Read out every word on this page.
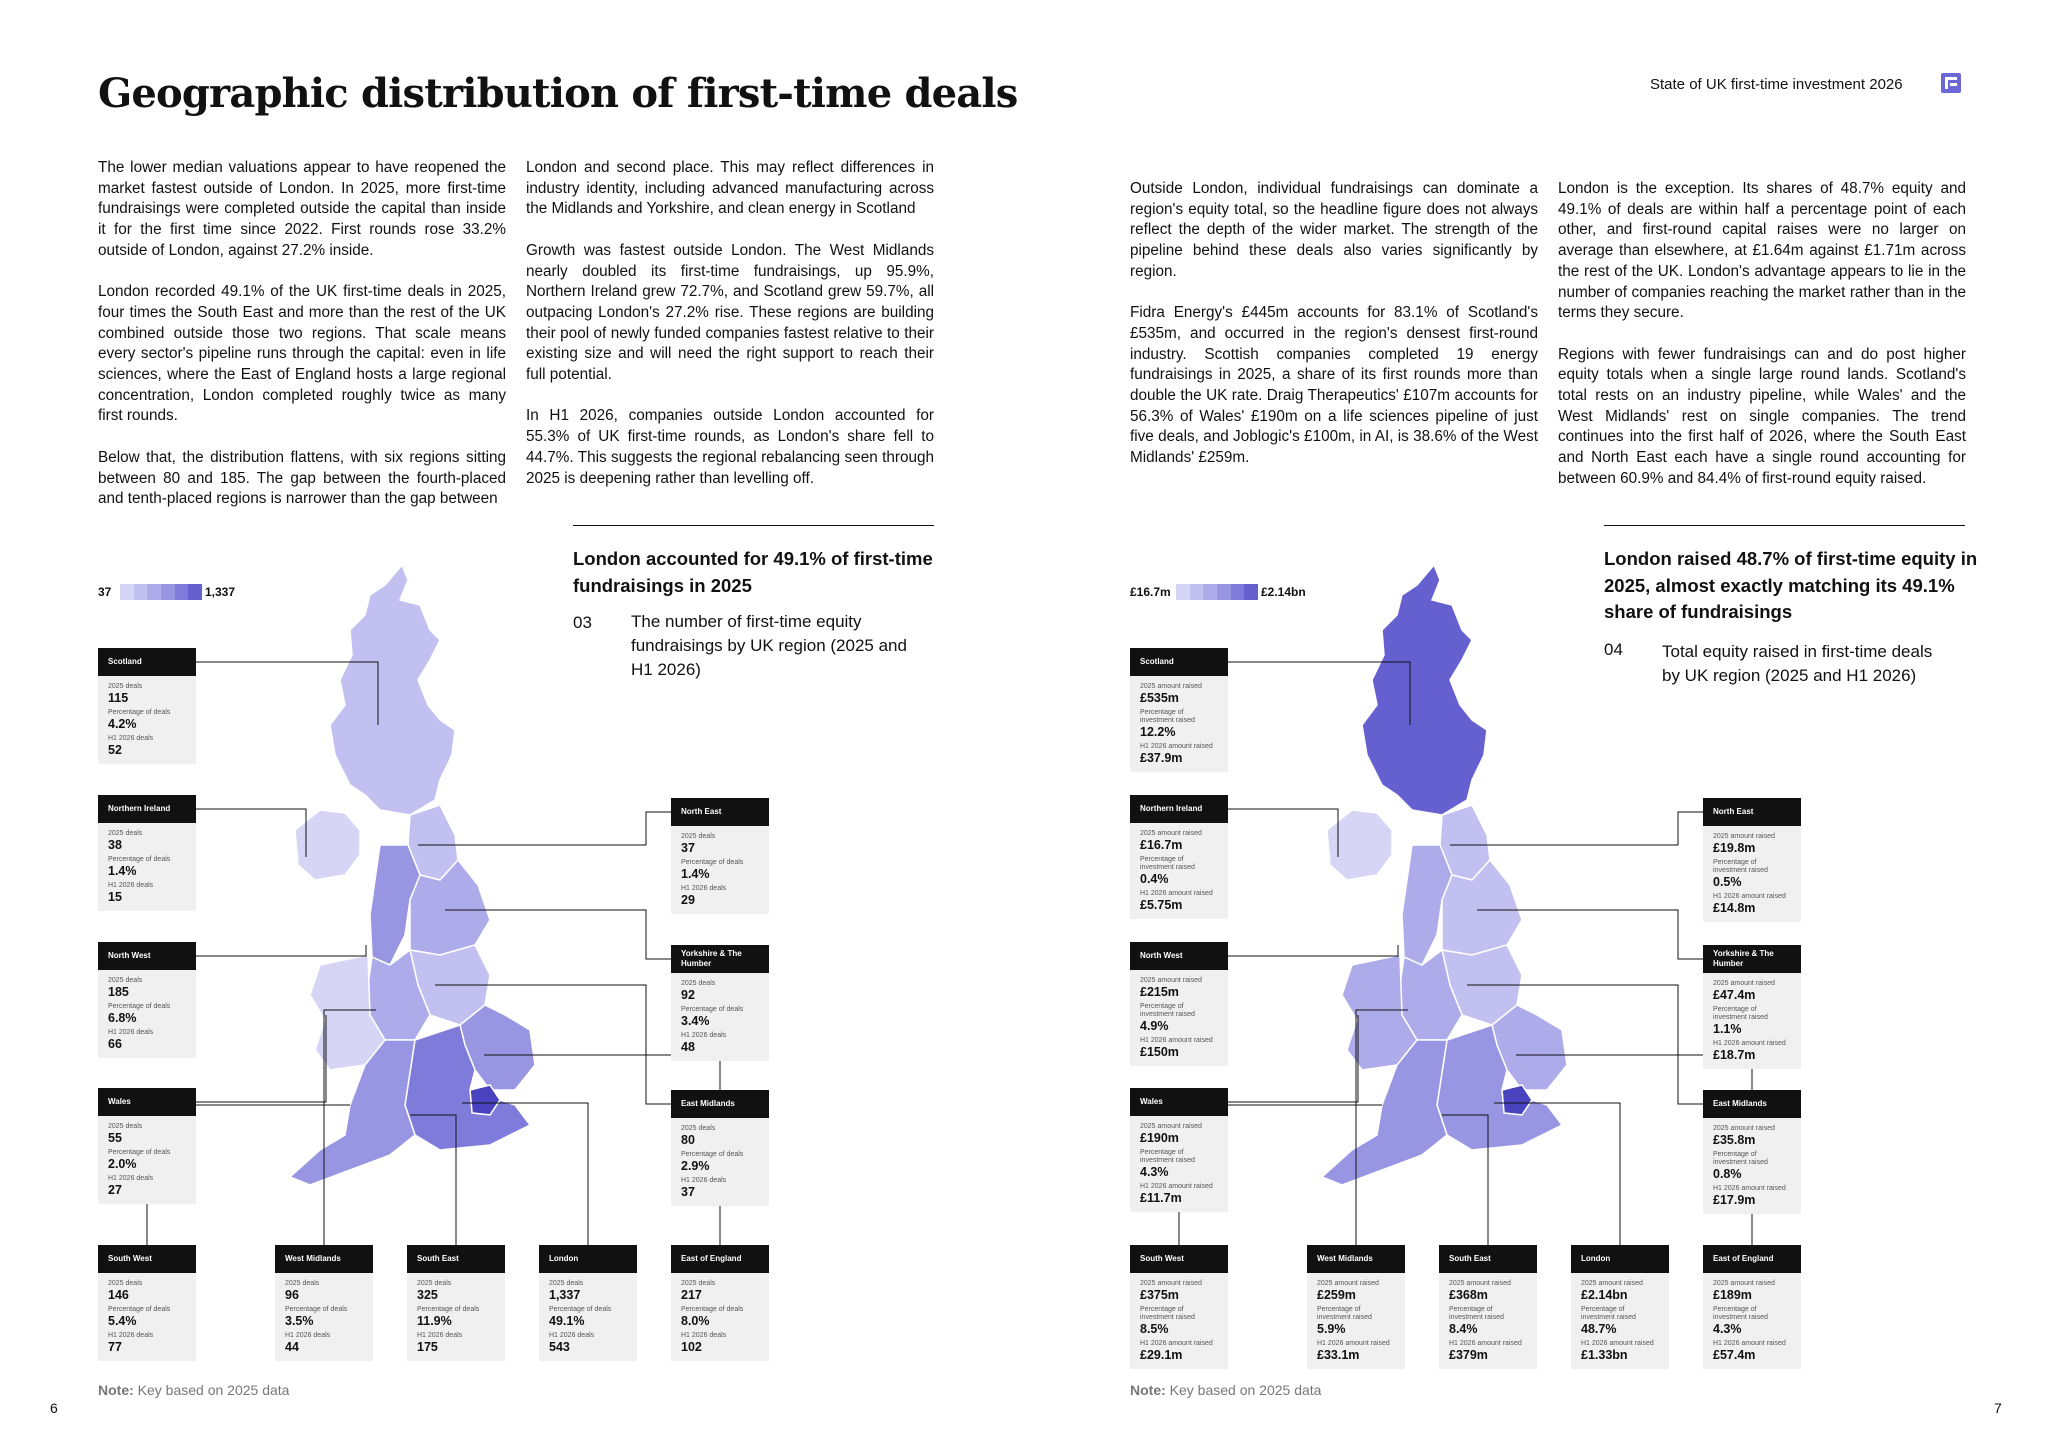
Geographic distribution of first-time deals	State of UK first-time investment 2026

The lower median valuations appear to have reopened the market fastest outside of London. In 2025, more first-time fundraisings were completed outside the capital than inside it for the first time since 2022. First rounds rose 33.2% outside of London, against 27.2% inside.

London recorded 49.1% of the UK first-time deals in 2025, four times the South East and more than the rest of the UK combined outside those two regions. That scale means every sector's pipeline runs through the capital: even in life sciences, where the East of England hosts a large regional concentration, London completed roughly twice as many first rounds.

Below that, the distribution flattens, with six regions sitting between 80 and 185. The gap between the fourth-placed and tenth-placed regions is narrower than the gap between

London and second place. This may reflect differences in industry identity, including advanced manufacturing across the Midlands and Yorkshire, and clean energy in Scotland

Growth was fastest outside London. The West Midlands nearly doubled its first-time fundraisings, up 95.9%, Northern Ireland grew 72.7%, and Scotland grew 59.7%, all outpacing London's 27.2% rise. These regions are building their pool of newly funded companies fastest relative to their existing size and will need the right support to reach their full potential.

In H1 2026, companies outside London accounted for 55.3% of UK first-time rounds, as London's share fell to 44.7%. This suggests the regional rebalancing seen through 2025 is deepening rather than levelling off.

Outside London, individual fundraisings can dominate a region's equity total, so the headline figure does not always reflect the depth of the wider market. The strength of the pipeline behind these deals also varies significantly by region.

Fidra Energy's £445m accounts for 83.1% of Scotland's £535m, and occurred in the region's densest first-round industry. Scottish companies completed 19 energy fundraisings in 2025, a share of its first rounds more than double the UK rate. Draig Therapeutics' £107m accounts for 56.3% of Wales' £190m on a life sciences pipeline of just five deals, and Joblogic's £100m, in AI, is 38.6% of the West Midlands' £259m.

London is the exception. Its shares of 48.7% equity and 49.1% of deals are within half a percentage point of each other, and first-round capital raises were no larger on average than elsewhere, at £1.64m against £1.71m across the rest of the UK. London's advantage appears to lie in the number of companies reaching the market rather than in the terms they secure.

Regions with fewer fundraisings can and do post higher equity totals when a single large round lands. Scotland's total rests on an industry pipeline, while Wales' and the West Midlands' rest on single companies. The trend continues into the first half of 2026, where the South East and North East each have a single round accounting for between 60.9% and 84.4% of first-round equity raised.

London accounted for 49.1% of first-time fundraisings in 2025
03 The number of first-time equity fundraisings by UK region (2025 and H1 2026)
London raised 48.7% of first-time equity in 2025, almost exactly matching its 49.1% share of fundraisings
04 Total equity raised in first-time deals by UK region (2025 and H1 2026)
37	1,337	£16.7m	£2.14bn
Scotland
2025 deals
115
Percentage of deals
4.2%
H1 2026 deals
52
Northern Ireland
2025 deals
38
Percentage of deals
1.4%
H1 2026 deals
15
North West
2025 deals
185
Percentage of deals
6.8%
H1 2026 deals
66
Wales
2025 deals
55
Percentage of deals
2.0%
H1 2026 deals
27
South West
2025 deals
146
Percentage of deals
5.4%
H1 2026 deals
77
West Midlands
2025 deals
96
Percentage of deals
3.5%
H1 2026 deals
44
South East
2025 deals
325
Percentage of deals
11.9%
H1 2026 deals
175
London
2025 deals
1,337
Percentage of deals
49.1%
H1 2026 deals
543
East of England
2025 deals
217
Percentage of deals
8.0%
H1 2026 deals
102
North East
2025 deals
37
Percentage of deals
1.4%
H1 2026 deals
29
Yorkshire & The Humber
2025 deals
92
Percentage of deals
3.4%
H1 2026 deals
48
East Midlands
2025 deals
80
Percentage of deals
2.9%
H1 2026 deals
37
Scotland
2025 amount raised
£535m
Percentage of investment raised
12.2%
H1 2026 amount raised
£37.9m
Northern Ireland
2025 amount raised
£16.7m
Percentage of investment raised
0.4%
H1 2026 amount raised
£5.75m
North West
2025 amount raised
£215m
Percentage of investment raised
4.9%
H1 2026 amount raised
£150m
Wales
2025 amount raised
£190m
Percentage of investment raised
4.3%
H1 2026 amount raised
£11.7m
South West
2025 amount raised
£375m
Percentage of investment raised
8.5%
H1 2026 amount raised
£29.1m
West Midlands
2025 amount raised
£259m
Percentage of investment raised
5.9%
H1 2026 amount raised
£33.1m
South East
2025 amount raised
£368m
Percentage of investment raised
8.4%
H1 2026 amount raised
£379m
London
2025 amount raised
£2.14bn
Percentage of investment raised
48.7%
H1 2026 amount raised
£1.33bn
East of England
2025 amount raised
£189m
Percentage of investment raised
4.3%
H1 2026 amount raised
£57.4m
North East
2025 amount raised
£19.8m
Percentage of investment raised
0.5%
H1 2026 amount raised
£14.8m
Yorkshire & The Humber
2025 amount raised
£47.4m
Percentage of investment raised
1.1%
H1 2026 amount raised
£18.7m
East Midlands
2025 amount raised
£35.8m
Percentage of investment raised
0.8%
H1 2026 amount raised
£17.9m
Note: Key based on 2025 data	Note: Key based on 2025 data
6	7
